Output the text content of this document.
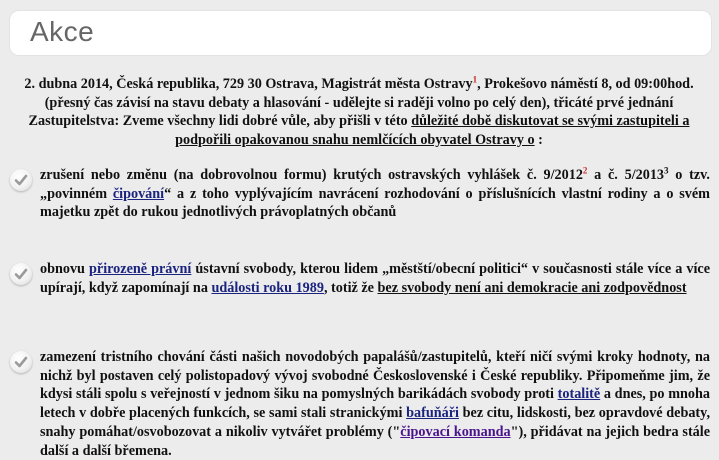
Akce

2. dubna 2014, Česká republika, 729 30 Ostrava, Magistrát města Ostravy$^1$, Prokešovo náměstí 8, od 09:00hod. (přesný čas závisí na stavu debaty a hlasování - udělejte si raději volno po celý den), třicáté prvé jednání Zastupitelstva: Zveme všechny lidi dobré vůle, aby přišli v této důležité době diskutovat se svými zastupiteli a podpořili opakovanou snahu nemlčících obyvatel Ostravy o :

zrušení nebo změnu (na dobrovolnou formu) krutých ostravských vyhlášek č. 9/2012$^2$ a č. 5/2013$^3$ o tzv. „povinném čipování“ a z toho vyplývajícím navrácení rozhodování o příslušnících vlastní rodiny a o svém majetku zpět do rukou jednotlivých právoplatných občanů

obnovu přirozeně právní ústavní svobody, kterou lidem „městští/obecní politici“ v současnosti stále více a více upírají, když zapomínají na události roku 1989, totiž že bez svobody není ani demokracie ani zodpovědnost

zamezení tristního chování části našich novodobých papalášů/zastupitelů, kteří ničí svými kroky hodnoty, na nichž byl postaven celý polistopadový vývoj svobodné Československé i České republiky. Připomeňme jim, že kdysi stáli spolu s veřejností v jednom šiku na pomyslných barikádách svobody proti totalitě a dnes, po mnoha letech v dobře placených funkcích, se sami stali stranickými bafuňáři bez citu, lidskosti, bez opravdové debaty, snahy pomáhat/osvobozovat a nikoliv vytvářet problémy ("čipovací komanda"), přidávat na jejich bedra stále další a další břemena.
